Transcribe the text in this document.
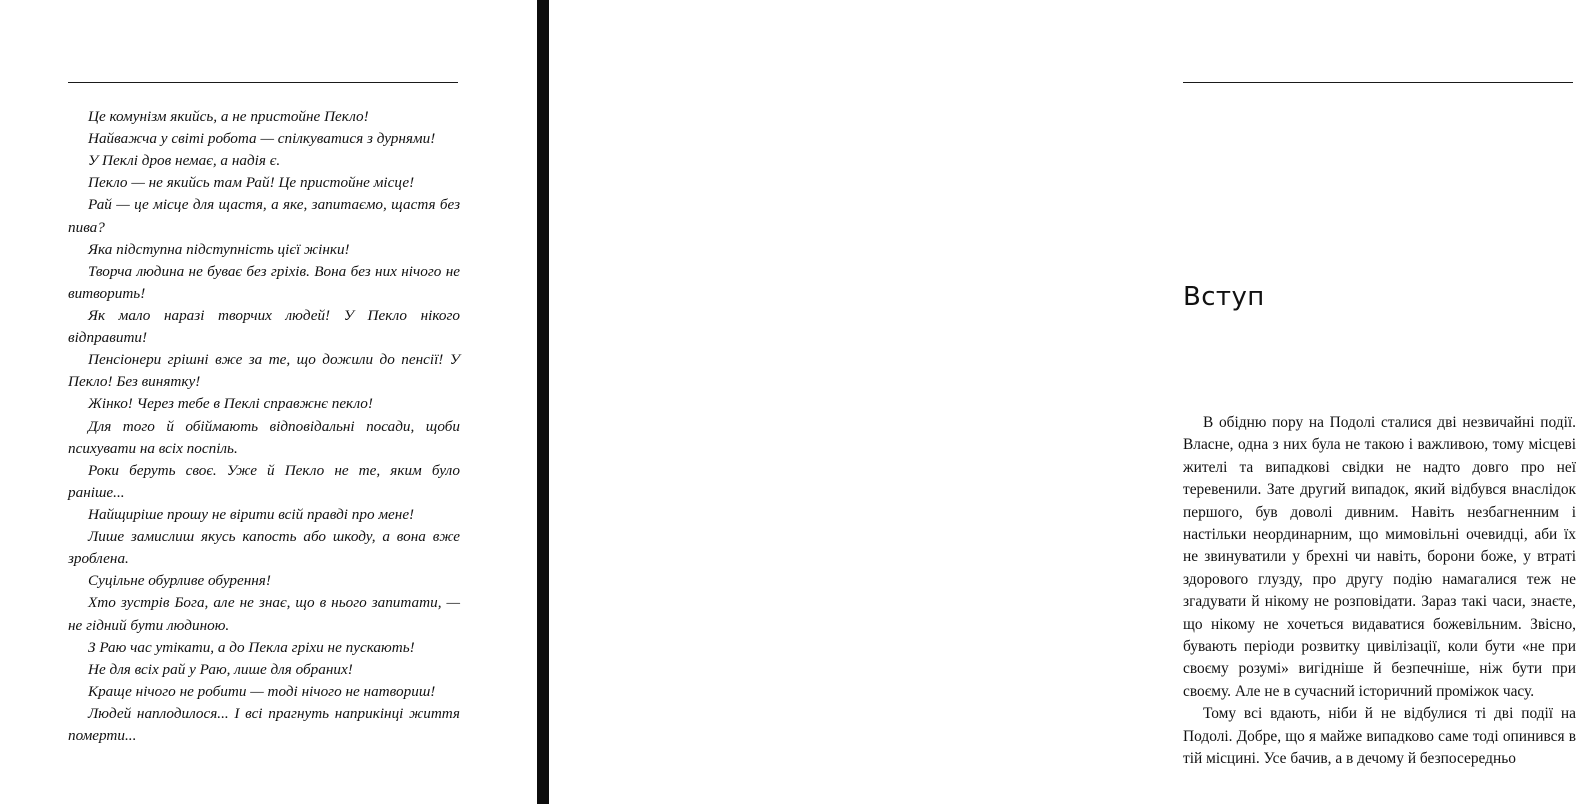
Це комунізм якийсь, а не пристойне Пекло!

Найважча у світі робота — спілкуватися з дурнями!

У Пеклі дров немає, а надія є.

Пекло — не якийсь там Рай! Це пристойне місце!

Рай — це місце для щастя, а яке, запитаємо, щастя без пива?

Яка підступна підступність цієї жінки!

Творча людина не буває без гріхів. Вона без них нічого не витворить!

Як мало наразі творчих людей! У Пекло нікого відправити!

Пенсіонери грішні вже за те, що дожили до пенсії! У Пекло! Без винятку!

Жінко! Через тебе в Пеклі справжнє пекло!

Для того й обіймають відповідальні посади, щоби психувати на всіх поспіль.

Роки беруть своє. Уже й Пекло не те, яким було раніше...

Найщиріше прошу не вірити всій правді про мене!

Лише замислиш якусь капость або шкоду, а вона вже зроблена.

Суцільне обурливе обурення!

Хто зустрів Бога, але не знає, що в нього запитати, — не гідний бути людиною.

З Раю час утікати, а до Пекла гріхи не пускають!

Не для всіх рай у Раю, лише для обраних!

Краще нічого не робити — тоді нічого не натвориш!

Людей наплодилося... І всі прагнуть наприкінці життя померти...

Вступ

В обідню пору на Подолі сталися дві незвичайні події. Власне, одна з них була не такою і важливою, тому місцеві жителі та випадкові свідки не надто довго про неї теревенили. Зате другий випадок, який відбувся внаслідок першого, був доволі дивним. Навіть незбагненним і настільки неординарним, що мимовільні очевидці, аби їх не звинуватили у брехні чи навіть, борони боже, у втраті здорового глузду, про другу подію намагалися теж не згадувати й нікому не розповідати. Зараз такі часи, знаєте, що нікому не хочеться видаватися божевільним. Звісно, бувають періоди розвитку цивілізації, коли бути «не при своєму розумі» вигідніше й безпечніше, ніж бути при своєму. Але не в сучасний історичний проміжок часу.

Тому всі вдають, ніби й не відбулися ті дві події на Подолі. Добре, що я майже випадково саме тоді опинився в тій місцині. Усе бачив, а в дечому й безпосередньо
